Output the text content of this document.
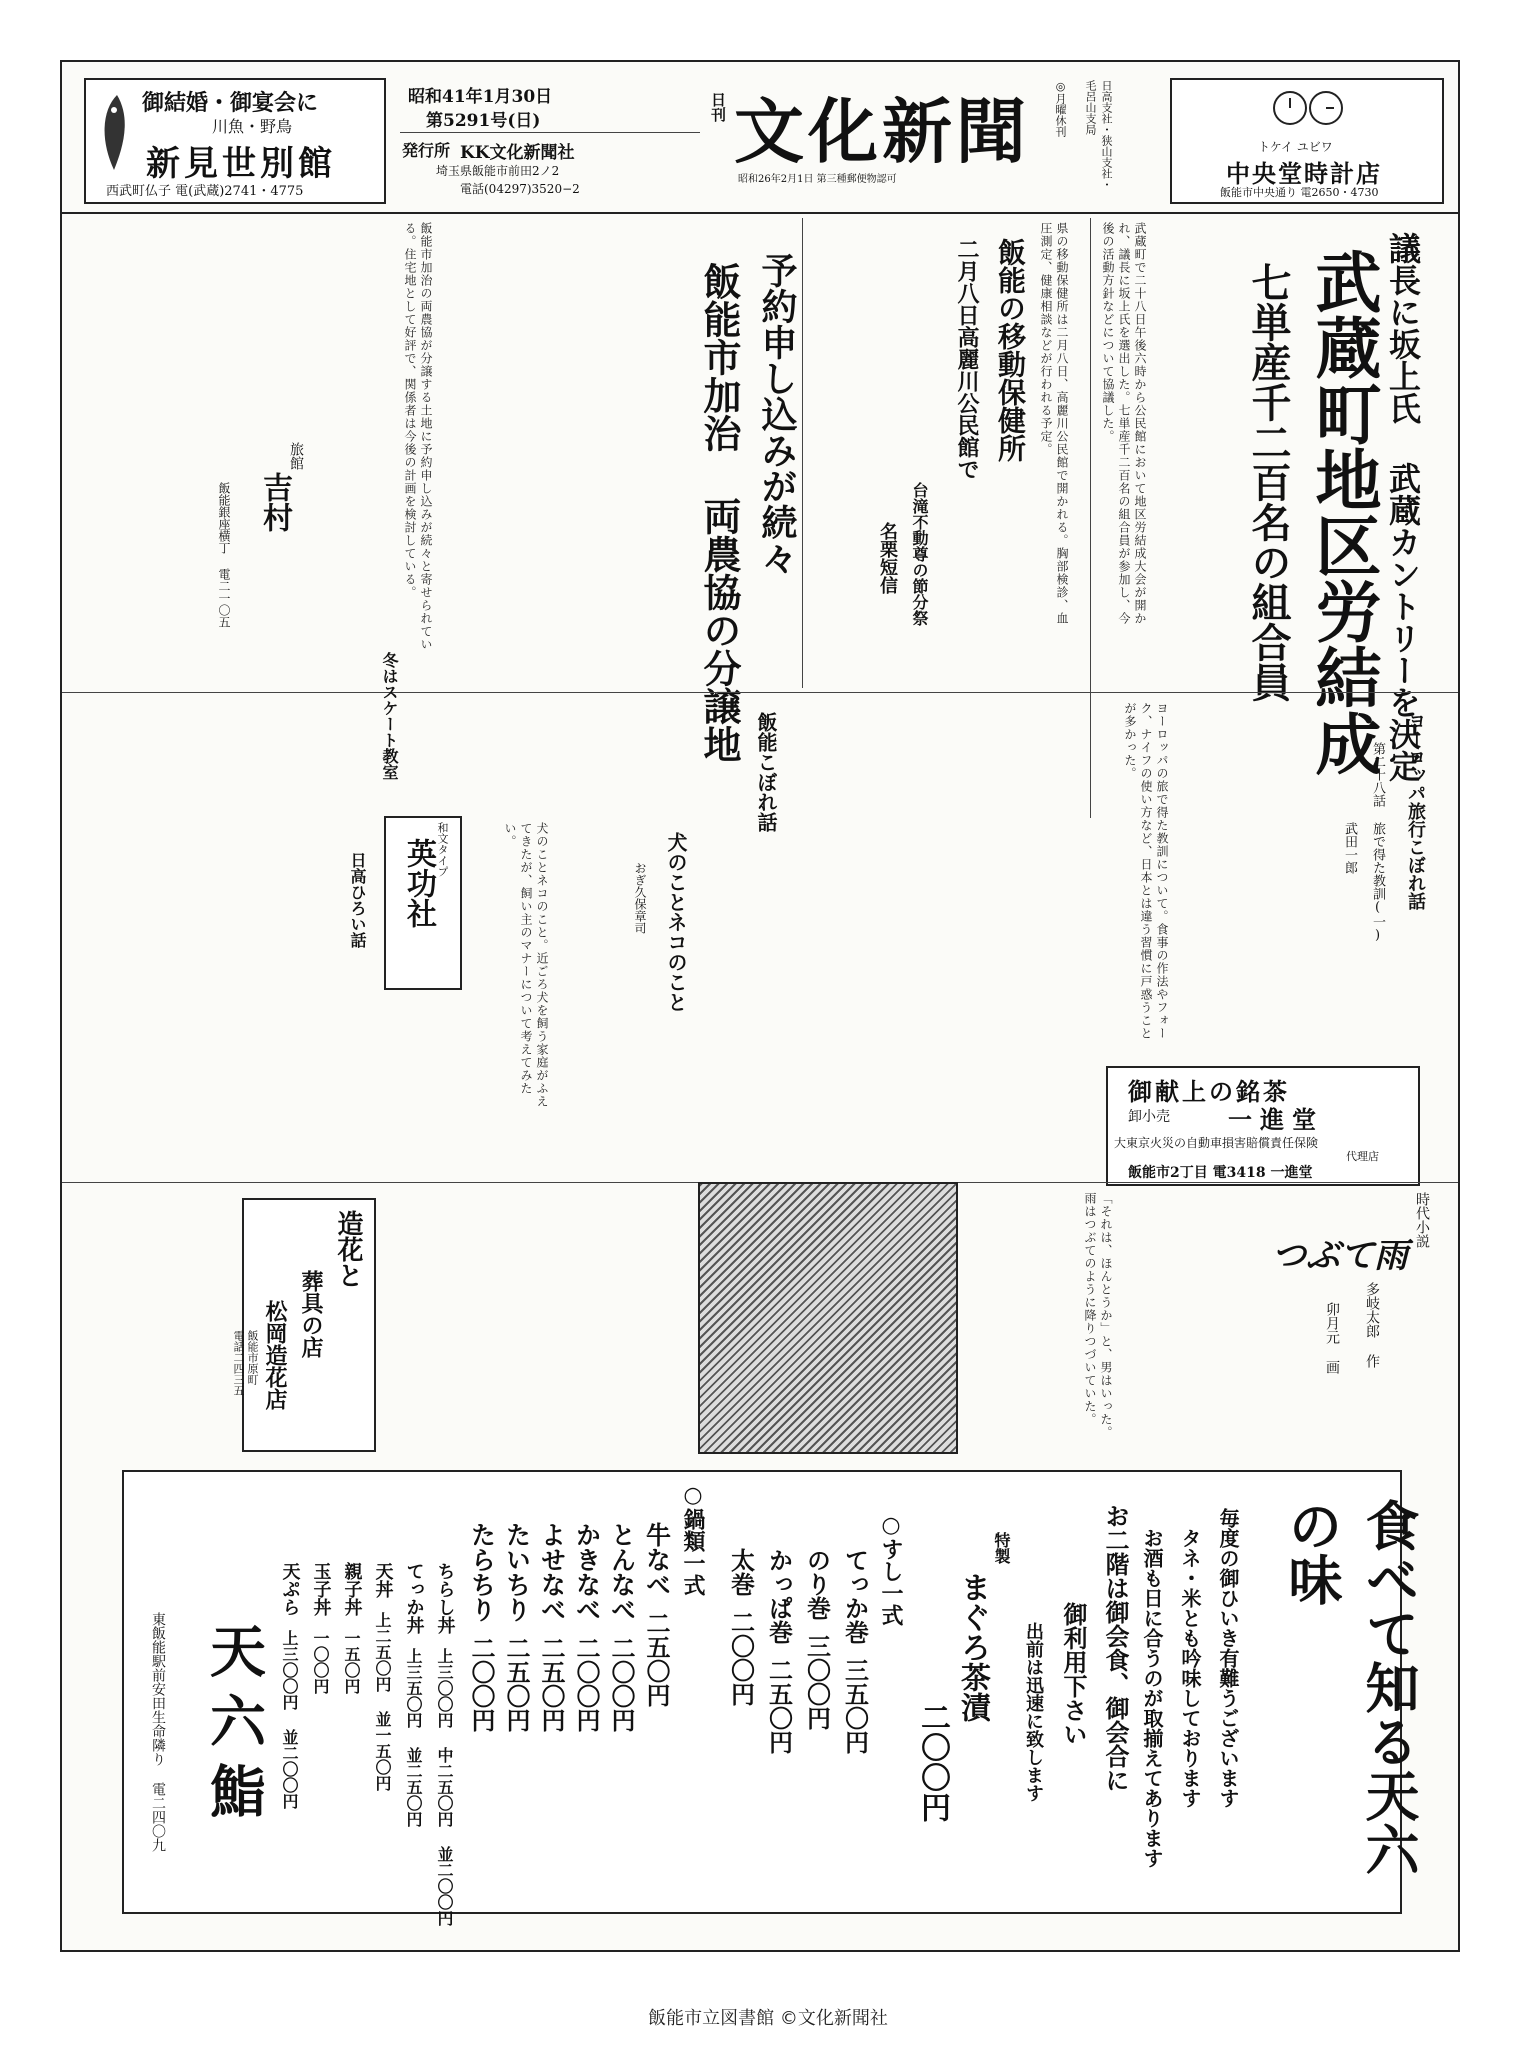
御結婚・御宴会に
川魚・野鳥
新見世別館
西武町仏子 電(武蔵)2741・4775
昭和41年1月30日
第5291号(日)
発行所 KK文化新聞社
埼玉県飯能市前田2ノ2
電話(04297)3520−2
日刊 文化新聞
昭和26年2月1日 第三種郵便物認可	日高支社・狭山支社・毛呂山支局
◎月曜休刊
トケイ ユビワ
中央堂時計店
飯能市中央通り 電2650・4730
議長に坂上氏 武蔵カントリーを決定
武蔵町地区労結成
七単産千二百名の組合員
武蔵町で二十八日午後六時から公民館において地区労結成大会が開かれ、議長に坂上氏を選出した。七単産千二百名の組合員が参加し、今後の活動方針などについて協議した。
飯能の移動保健所
二月八日高麗川公民館で	県の移動保健所は二月八日、高麗川公民館で開かれる。胸部検診、血圧測定、健康相談などが行われる予定。
台滝不動尊の節分祭
名栗短信
予約申し込みが続々
飯能市加治 両農協の分譲地
飯能市加治の両農協が分譲する土地に予約申し込みが続々と寄せられている。住宅地として好評で、関係者は今後の計画を検討している。
旅館
吉村
飯能銀座横丁 電二一〇五
ヨーロッパ旅行こぼれ話
第二十八話 旅で得た教訓(一)
武田一郎
ヨーロッパの旅で得た教訓について。食事の作法やフォーク、ナイフの使い方など、日本とは違う習慣に戸惑うことが多かった。
飯能こぼれ話
冬はスケート教室
犬のことネコのこと
おぎ久保章司
犬のことネコのこと。近ごろ犬を飼う家庭がふえてきたが、飼い主のマナーについて考えてみたい。
和文タイプ
英功社
日高ひろい話
御献上の銘茶
卸小売 一進堂
大東京火災の自動車損害賠償責任保険
代理店
飯能市2丁目 電3418 一進堂
時代小説
つぶて雨
多岐太郎 作
卯月元 画
「それは、ほんとうか」と、男はいった。雨はつぶてのように降りつづいていた。
造花と
葬具の店
松岡造花店
飯能市原町
電話二四三五
食べて知る天六の味
毎度の御ひいき有難うございます
タネ・米とも吟味しております
お酒も日に合うのが取揃えてあります
お二階は御会食、御会合に
御利用下さい
出前は迅速に致します
特製
まぐろ茶漬
二〇〇円
○すし一式
てっか巻
三五〇円
のり巻
三〇〇円
かっぱ巻
二五〇円
太巻
二〇〇円
○鍋類一式
牛なべ
二五〇円
とんなべ
二〇〇円
かきなべ
二〇〇円
よせなべ
二五〇円
たいちり
二五〇円
たらちり
二〇〇円
ちらし丼
上三〇〇円 中二五〇円 並二〇〇円
てっか丼
上三五〇円 並二五〇円
天丼
上二五〇円 並一五〇円
親子丼
一五〇円
玉子丼
一〇〇円
天ぷら
上三〇〇円 並二〇〇円
天六鮨
東飯能駅前安田生命隣り 電二四〇九
飯能市立図書館 ©文化新聞社
